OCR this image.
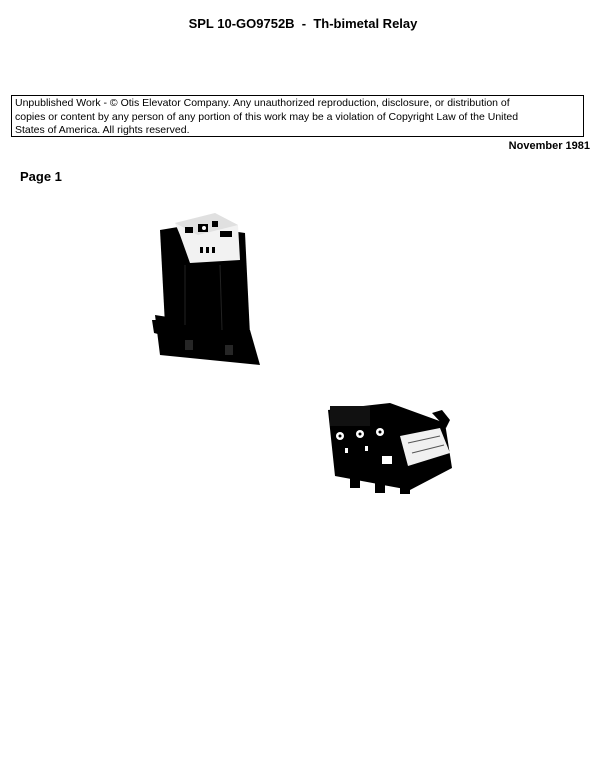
SPL 10-GO9752B  -  Th-bimetal Relay
Unpublished Work - © Otis Elevator Company. Any unauthorized reproduction, disclosure, or distribution of
copies or content by any person of any portion of this work may be a violation of Copyright Law of the United
States of America. All rights reserved.
November 1981
Page 1
